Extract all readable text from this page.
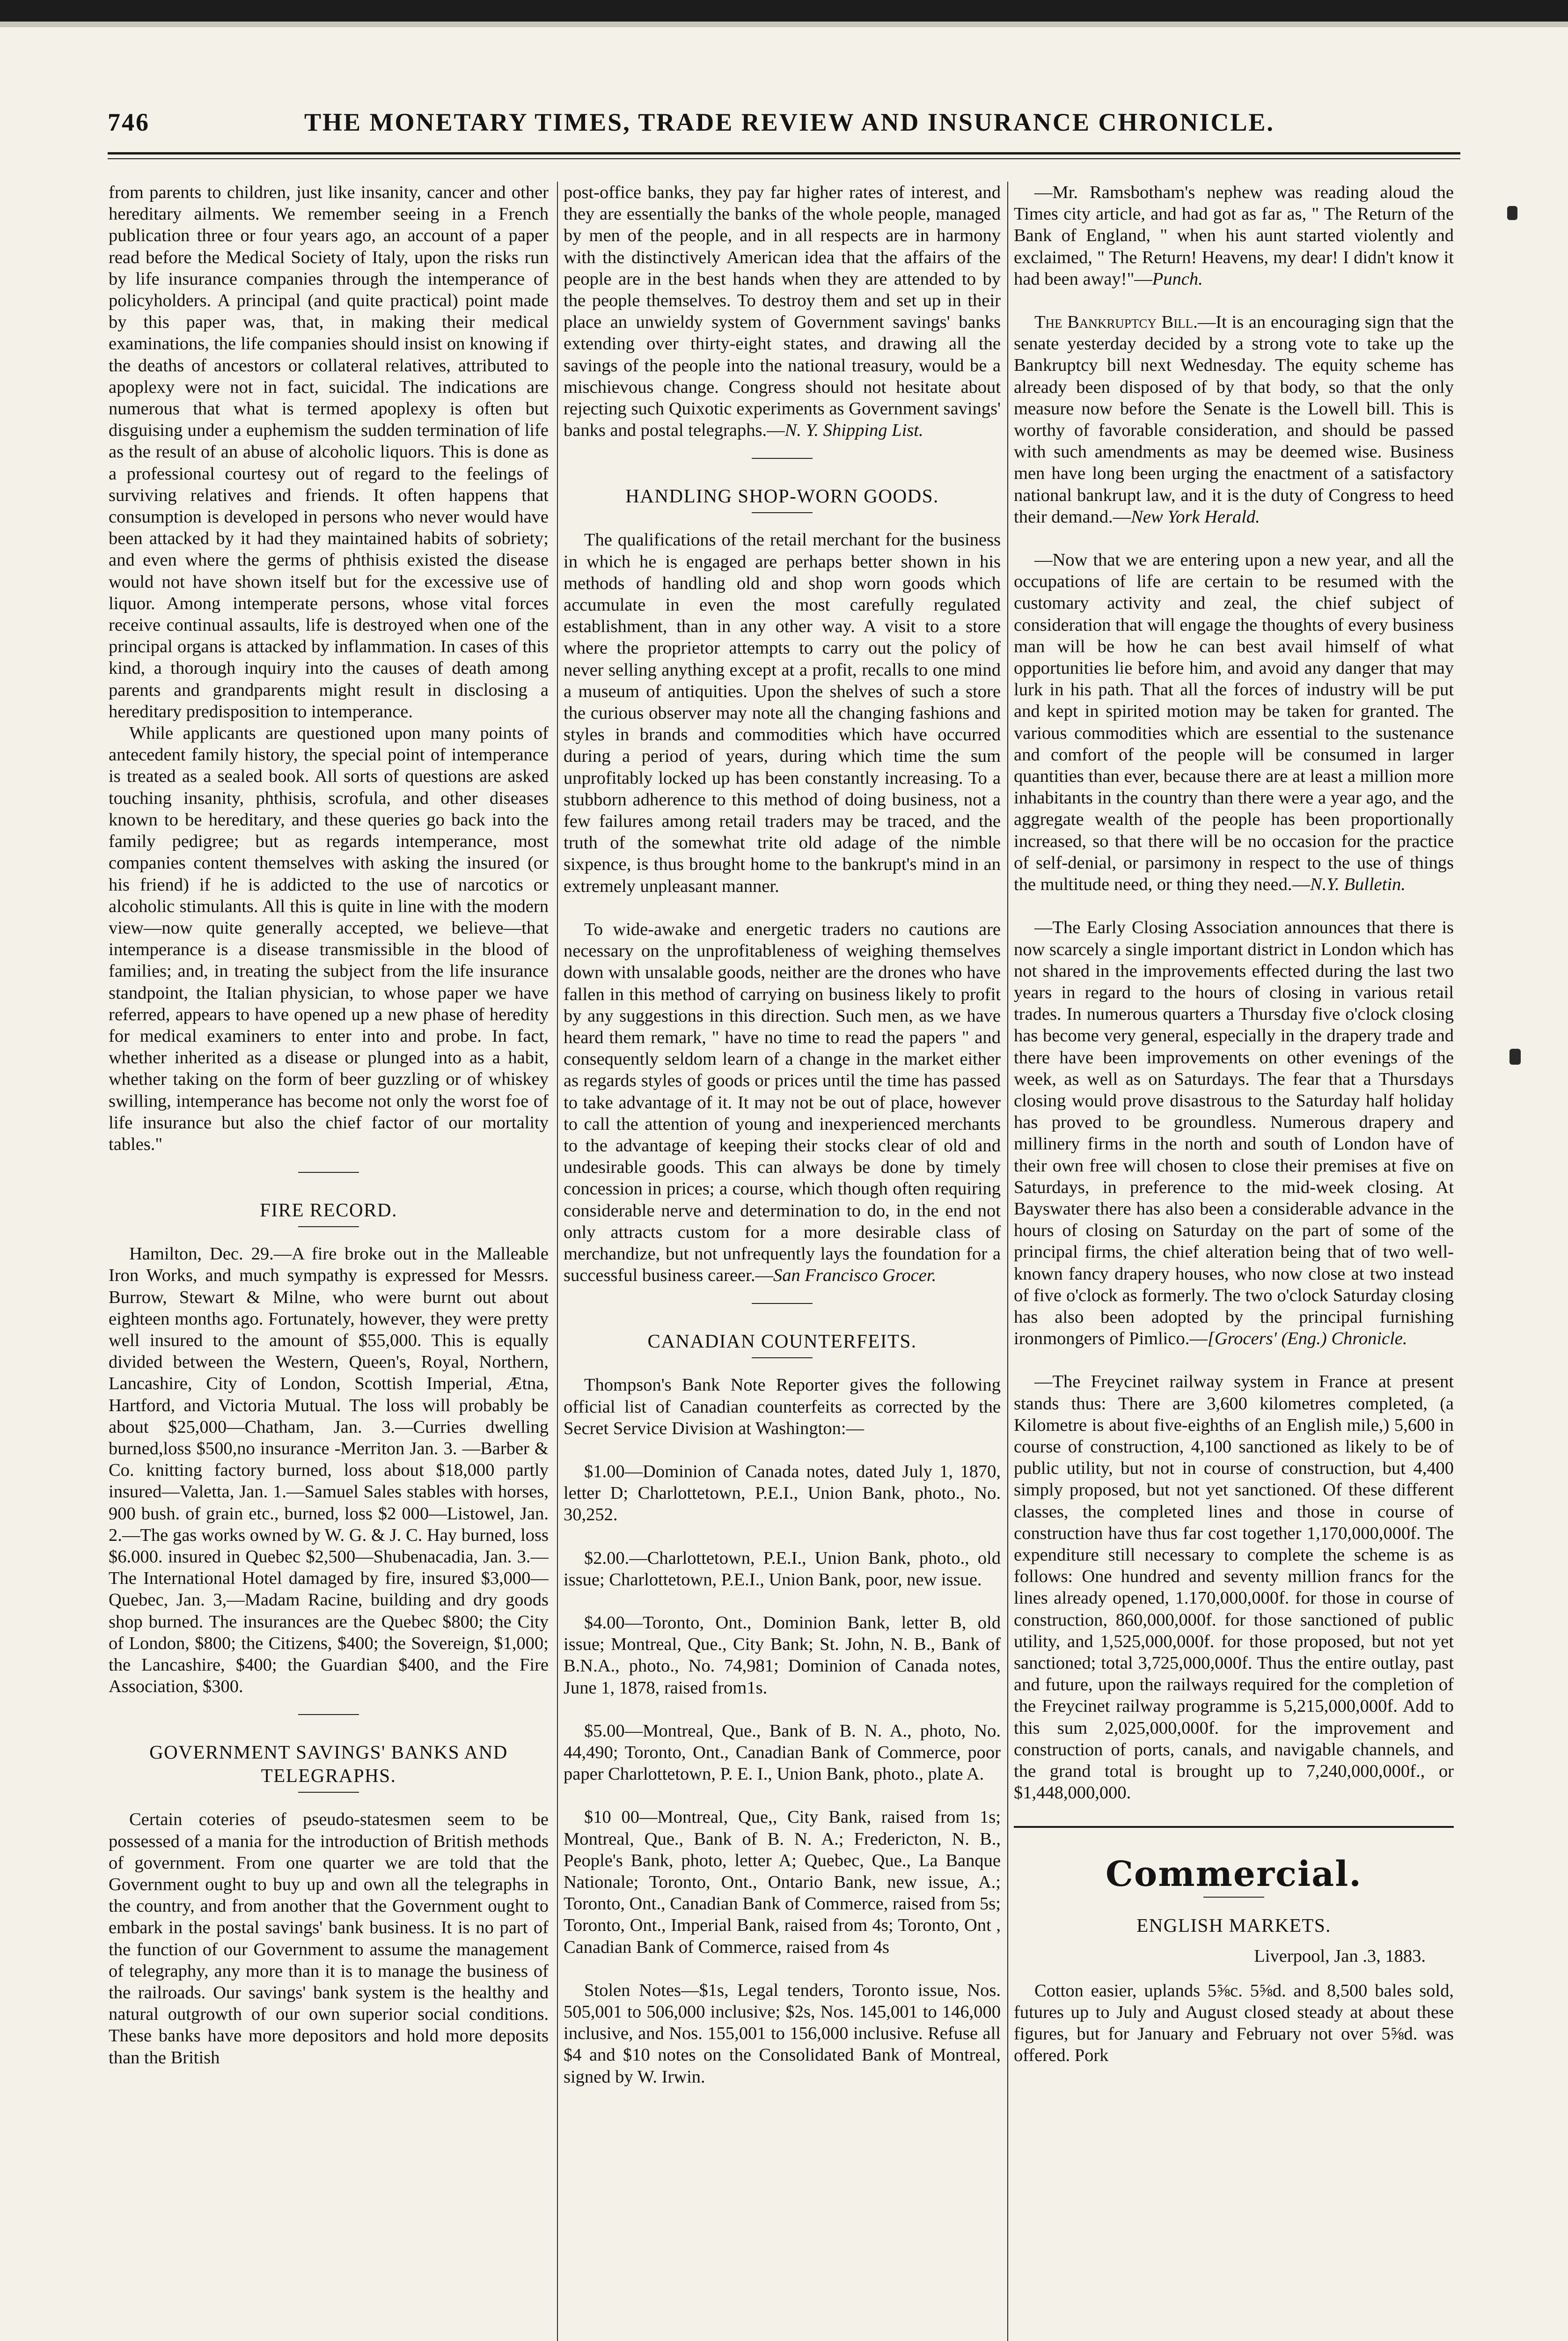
746	THE MONETARY TIMES, TRADE REVIEW AND INSURANCE CHRONICLE.

from parents to children, just like insanity, cancer and other hereditary ailments. We remember seeing in a French publication three or four years ago, an account of a paper read before the Medical Society of Italy, upon the risks run by life insurance companies through the intemperance of policyholders. A principal (and quite practical) point made by this paper was, that, in making their medical examinations, the life companies should insist on knowing if the deaths of ancestors or collateral relatives, attributed to apoplexy were not in fact, suicidal. The indications are numerous that what is termed apoplexy is often but disguising under a euphemism the sudden termination of life as the result of an abuse of alcoholic liquors. This is done as a professional courtesy out of regard to the feelings of surviving relatives and friends. It often happens that consumption is developed in persons who never would have been attacked by it had they maintained habits of sobriety; and even where the germs of phthisis existed the disease would not have shown itself but for the excessive use of liquor. Among intemperate persons, whose vital forces receive continual assaults, life is destroyed when one of the principal organs is attacked by inflammation. In cases of this kind, a thorough inquiry into the causes of death among parents and grandparents might result in disclosing a hereditary predisposition to intemperance.

While applicants are questioned upon many points of antecedent family history, the special point of intemperance is treated as a sealed book. All sorts of questions are asked touching insanity, phthisis, scrofula, and other diseases known to be hereditary, and these queries go back into the family pedigree; but as regards intemperance, most companies content themselves with asking the insured (or his friend) if he is addicted to the use of narcotics or alcoholic stimulants. All this is quite in line with the modern view—now quite generally accepted, we believe—that intemperance is a disease transmissible in the blood of families; and, in treating the subject from the life insurance standpoint, the Italian physician, to whose paper we have referred, appears to have opened up a new phase of heredity for medical examiners to enter into and probe. In fact, whether inherited as a disease or plunged into as a habit, whether taking on the form of beer guzzling or of whiskey swilling, intemperance has become not only the worst foe of life insurance but also the chief factor of our mortality tables."

FIRE RECORD.

Hamilton, Dec. 29.—A fire broke out in the Malleable Iron Works, and much sympathy is expressed for Messrs. Burrow, Stewart & Milne, who were burnt out about eighteen months ago. Fortunately, however, they were pretty well insured to the amount of $55,000. This is equally divided between the Western, Queen's, Royal, Northern, Lancashire, City of London, Scottish Imperial, Ætna, Hartford, and Victoria Mutual. The loss will probably be about $25,000—Chatham, Jan. 3.—Curries dwelling burned,loss $500,no insurance -Merriton Jan. 3. —Barber & Co. knitting factory burned, loss about $18,000 partly insured—Valetta, Jan. 1.—Samuel Sales stables with horses, 900 bush. of grain etc., burned, loss $2 000—Listowel, Jan. 2.—The gas works owned by W. G. & J. C. Hay burned, loss $6.000. insured in Quebec $2,500—Shubenacadia, Jan. 3.—The International Hotel damaged by fire, insured $3,000—Quebec, Jan. 3,—Madam Racine, building and dry goods shop burned. The insurances are the Quebec $800; the City of London, $800; the Citizens, $400; the Sovereign, $1,000; the Lancashire, $400; the Guardian $400, and the Fire Association, $300.

GOVERNMENT SAVINGS' BANKS AND TELEGRAPHS.

Certain coteries of pseudo-statesmen seem to be possessed of a mania for the introduction of British methods of government. From one quarter we are told that the Government ought to buy up and own all the telegraphs in the country, and from another that the Government ought to embark in the postal savings' bank business. It is no part of the function of our Government to assume the management of telegraphy, any more than it is to manage the business of the railroads. Our savings' bank system is the healthy and natural outgrowth of our own superior social conditions. These banks have more depositors and hold more deposits than the British

post-office banks, they pay far higher rates of interest, and they are essentially the banks of the whole people, managed by men of the people, and in all respects are in harmony with the distinctively American idea that the affairs of the people are in the best hands when they are attended to by the people themselves. To destroy them and set up in their place an unwieldy system of Government savings' banks extending over thirty-eight states, and drawing all the savings of the people into the national treasury, would be a mischievous change. Congress should not hesitate about rejecting such Quixotic experiments as Government savings' banks and postal telegraphs.—N. Y. Shipping List.

HANDLING SHOP-WORN GOODS.

The qualifications of the retail merchant for the business in which he is engaged are perhaps better shown in his methods of handling old and shop worn goods which accumulate in even the most carefully regulated establishment, than in any other way. A visit to a store where the proprietor attempts to carry out the policy of never selling anything except at a profit, recalls to one mind a museum of antiquities. Upon the shelves of such a store the curious observer may note all the changing fashions and styles in brands and commodities which have occurred during a period of years, during which time the sum unprofitably locked up has been constantly increasing. To a stubborn adherence to this method of doing business, not a few failures among retail traders may be traced, and the truth of the somewhat trite old adage of the nimble sixpence, is thus brought home to the bankrupt's mind in an extremely unpleasant manner.

To wide-awake and energetic traders no cautions are necessary on the unprofitableness of weighing themselves down with unsalable goods, neither are the drones who have fallen in this method of carrying on business likely to profit by any suggestions in this direction. Such men, as we have heard them remark, " have no time to read the papers " and consequently seldom learn of a change in the market either as regards styles of goods or prices until the time has passed to take advantage of it. It may not be out of place, however to call the attention of young and inexperienced merchants to the advantage of keeping their stocks clear of old and undesirable goods. This can always be done by timely concession in prices; a course, which though often requiring considerable nerve and determination to do, in the end not only attracts custom for a more desirable class of merchandize, but not unfrequently lays the foundation for a successful business career.—San Francisco Grocer.

CANADIAN COUNTERFEITS.

Thompson's Bank Note Reporter gives the following official list of Canadian counterfeits as corrected by the Secret Service Division at Washington:—

$1.00—Dominion of Canada notes, dated July 1, 1870, letter D; Charlottetown, P.E.I., Union Bank, photo., No. 30,252.

$2.00.—Charlottetown, P.E.I., Union Bank, photo., old issue; Charlottetown, P.E.I., Union Bank, poor, new issue.

$4.00—Toronto, Ont., Dominion Bank, letter B, old issue; Montreal, Que., City Bank; St. John, N. B., Bank of B.N.A., photo., No. 74,981; Dominion of Canada notes, June 1, 1878, raised from1s.

$5.00—Montreal, Que., Bank of B. N. A., photo, No. 44,490; Toronto, Ont., Canadian Bank of Commerce, poor paper Charlottetown, P. E. I., Union Bank, photo., plate A.

$10 00—Montreal, Que,, City Bank, raised from 1s; Montreal, Que., Bank of B. N. A.; Fredericton, N. B., People's Bank, photo, letter A; Quebec, Que., La Banque Nationale; Toronto, Ont., Ontario Bank, new issue, A.; Toronto, Ont., Canadian Bank of Commerce, raised from 5s; Toronto, Ont., Imperial Bank, raised from 4s; Toronto, Ont , Canadian Bank of Commerce, raised from 4s

Stolen Notes—$1s, Legal tenders, Toronto issue, Nos. 505,001 to 506,000 inclusive; $2s, Nos. 145,001 to 146,000 inclusive, and Nos. 155,001 to 156,000 inclusive. Refuse all $4 and $10 notes on the Consolidated Bank of Montreal, signed by W. Irwin.

—Mr. Ramsbotham's nephew was reading aloud the Times city article, and had got as far as, " The Return of the Bank of England, " when his aunt started violently and exclaimed, " The Return! Heavens, my dear! I didn't know it had been away!"—Punch.

The Bankruptcy Bill.—It is an encouraging sign that the senate yesterday decided by a strong vote to take up the Bankruptcy bill next Wednesday. The equity scheme has already been disposed of by that body, so that the only measure now before the Senate is the Lowell bill. This is worthy of favorable consideration, and should be passed with such amendments as may be deemed wise. Business men have long been urging the enactment of a satisfactory national bankrupt law, and it is the duty of Congress to heed their demand.—New York Herald.

—Now that we are entering upon a new year, and all the occupations of life are certain to be resumed with the customary activity and zeal, the chief subject of consideration that will engage the thoughts of every business man will be how he can best avail himself of what opportunities lie before him, and avoid any danger that may lurk in his path. That all the forces of industry will be put and kept in spirited motion may be taken for granted. The various commodities which are essential to the sustenance and comfort of the people will be consumed in larger quantities than ever, because there are at least a million more inhabitants in the country than there were a year ago, and the aggregate wealth of the people has been proportionally increased, so that there will be no occasion for the practice of self-denial, or parsimony in respect to the use of things the multitude need, or thing they need.—N.Y. Bulletin.

—The Early Closing Association announces that there is now scarcely a single important district in London which has not shared in the improvements effected during the last two years in regard to the hours of closing in various retail trades. In numerous quarters a Thursday five o'clock closing has become very general, especially in the drapery trade and there have been improvements on other evenings of the week, as well as on Saturdays. The fear that a Thursdays closing would prove disastrous to the Saturday half holiday has proved to be groundless. Numerous drapery and millinery firms in the north and south of London have of their own free will chosen to close their premises at five on Saturdays, in preference to the mid-week closing. At Bayswater there has also been a considerable advance in the hours of closing on Saturday on the part of some of the principal firms, the chief alteration being that of two well-known fancy drapery houses, who now close at two instead of five o'clock as formerly. The two o'clock Saturday closing has also been adopted by the principal furnishing ironmongers of Pimlico.—[Grocers' (Eng.) Chronicle.

—The Freycinet railway system in France at present stands thus: There are 3,600 kilometres completed, (a Kilometre is about five-eighths of an English mile,) 5,600 in course of construction, 4,100 sanctioned as likely to be of public utility, but not in course of construction, but 4,400 simply proposed, but not yet sanctioned. Of these different classes, the completed lines and those in course of construction have thus far cost together 1,170,000,000f. The expenditure still necessary to complete the scheme is as follows: One hundred and seventy million francs for the lines already opened, 1.170,000,000f. for those in course of construction, 860,000,000f. for those sanctioned of public utility, and 1,525,000,000f. for those proposed, but not yet sanctioned; total 3,725,000,000f. Thus the entire outlay, past and future, upon the railways required for the completion of the Freycinet railway programme is 5,215,000,000f. Add to this sum 2,025,000,000f. for the improvement and construction of ports, canals, and navigable channels, and the grand total is brought up to 7,240,000,000f., or $1,448,000,000.

Commercial.
ENGLISH MARKETS.
Liverpool, Jan .3, 1883.

Cotton easier, uplands 5⅝c. 5⅝d. and 8,500 bales sold, futures up to July and August closed steady at about these figures, but for January and February not over 5⅝d. was offered. Pork
